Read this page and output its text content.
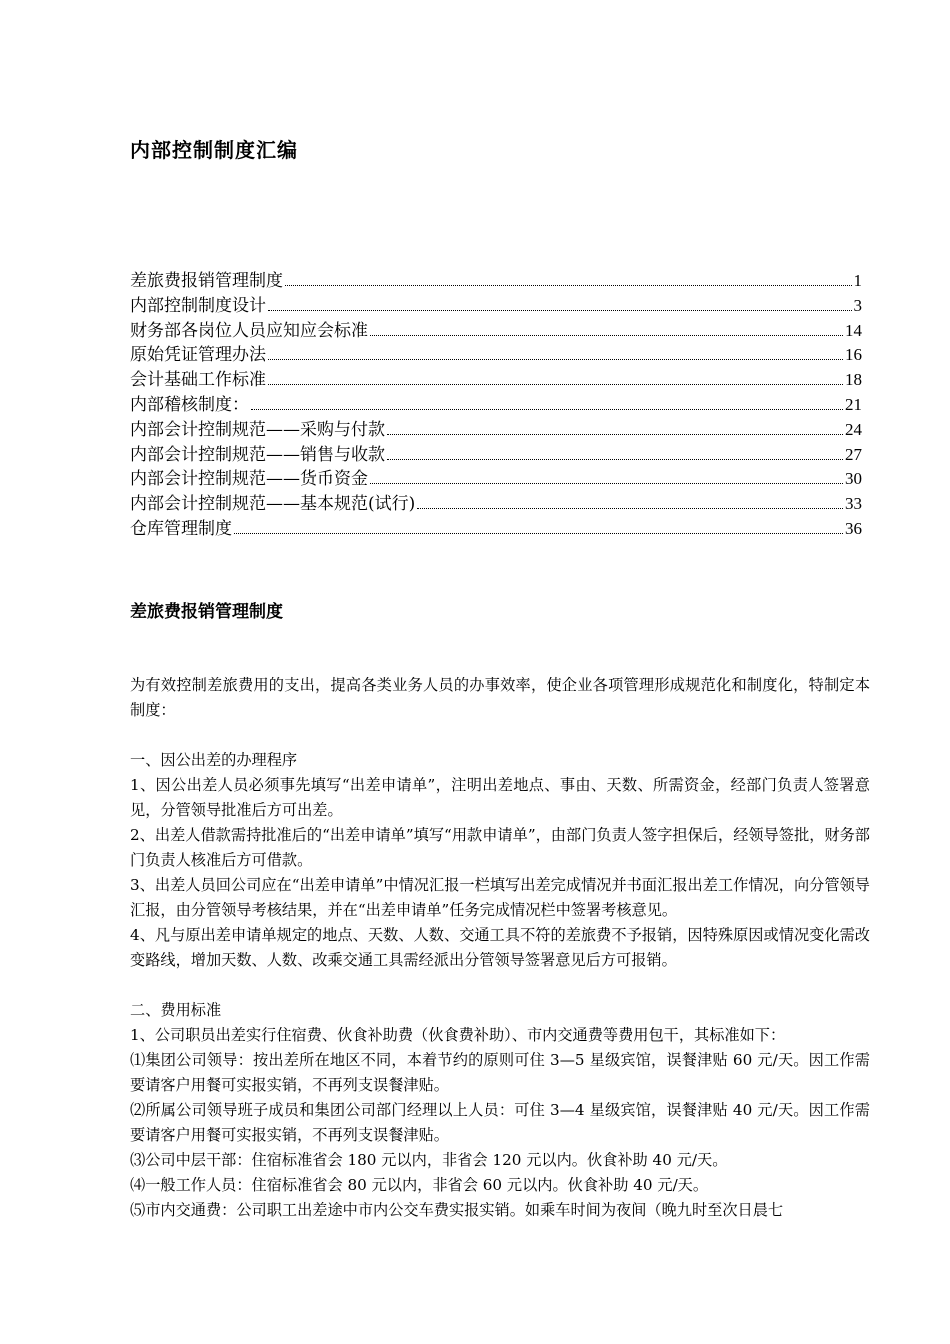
内部控制制度汇编
差旅费报销管理制度	1
内部控制制度设计	3
财务部各岗位人员应知应会标准	14
原始凭证管理办法	16
会计基础工作标准	18
内部稽核制度：	21
内部会计控制规范——采购与付款	24
内部会计控制规范——销售与收款	27
内部会计控制规范——货币资金	30
内部会计控制规范——基本规范(试行)	33
仓库管理制度	36
差旅费报销管理制度

为有效控制差旅费用的支出，提高各类业务人员的办事效率，使企业各项管理形成规范化和制度化，特制定本制度：

一、因公出差的办理程序

1、因公出差人员必须事先填写“出差申请单”，注明出差地点、事由、天数、所需资金，经部门负责人签署意见，分管领导批准后方可出差。

2、出差人借款需持批准后的“出差申请单”填写“用款申请单”，由部门负责人签字担保后，经领导签批，财务部门负责人核准后方可借款。

3、出差人员回公司应在“出差申请单”中情况汇报一栏填写出差完成情况并书面汇报出差工作情况，向分管领导汇报，由分管领导考核结果，并在“出差申请单”任务完成情况栏中签署考核意见。

4、凡与原出差申请单规定的地点、天数、人数、交通工具不符的差旅费不予报销，因特殊原因或情况变化需改变路线，增加天数、人数、改乘交通工具需经派出分管领导签署意见后方可报销。

二、费用标准

1、公司职员出差实行住宿费、伙食补助费（伙食费补助）、市内交通费等费用包干，其标准如下：

⑴集团公司领导：按出差所在地区不同，本着节约的原则可住 3—5 星级宾馆，误餐津贴 60 元/天。因工作需要请客户用餐可实报实销，不再列支误餐津贴。

⑵所属公司领导班子成员和集团公司部门经理以上人员：可住 3—4 星级宾馆，误餐津贴 40 元/天。因工作需要请客户用餐可实报实销，不再列支误餐津贴。

⑶公司中层干部：住宿标准省会 180 元以内，非省会 120 元以内。伙食补助 40 元/天。

⑷一般工作人员：住宿标准省会 80 元以内，非省会 60 元以内。伙食补助 40 元/天。

⑸市内交通费：公司职工出差途中市内公交车费实报实销。如乘车时间为夜间（晚九时至次日晨七
